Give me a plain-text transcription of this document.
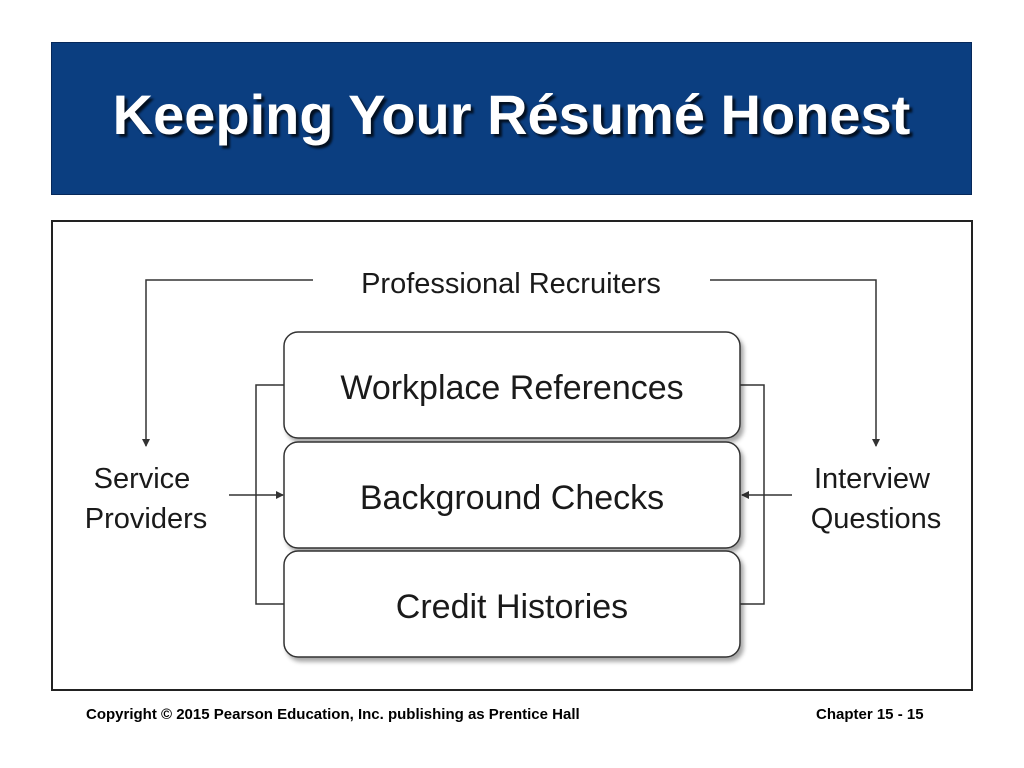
Keeping Your Résumé Honest
Professional Recruiters
Service Providers
Interview Questions
Workplace References
Background Checks
Credit Histories
Copyright © 2015 Pearson Education, Inc. publishing as Prentice Hall	Chapter 15 - 15
